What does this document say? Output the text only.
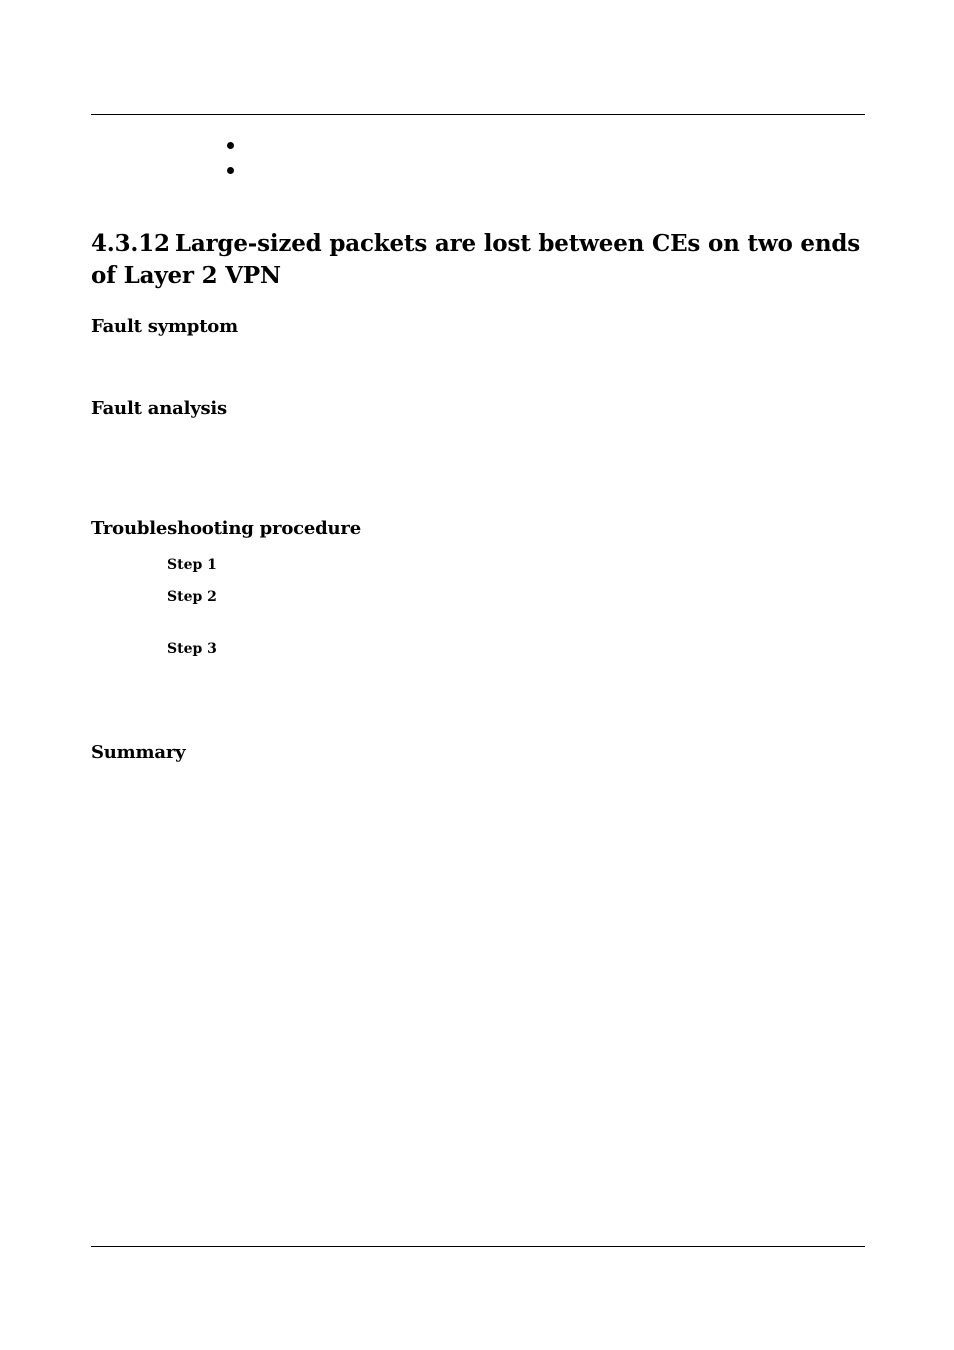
4.3.12 Large-sized packets are lost between CEs on two ends of Layer 2 VPN
Fault symptom
Fault analysis
Troubleshooting procedure
Step 1
Step 2
Step 3
Summary
